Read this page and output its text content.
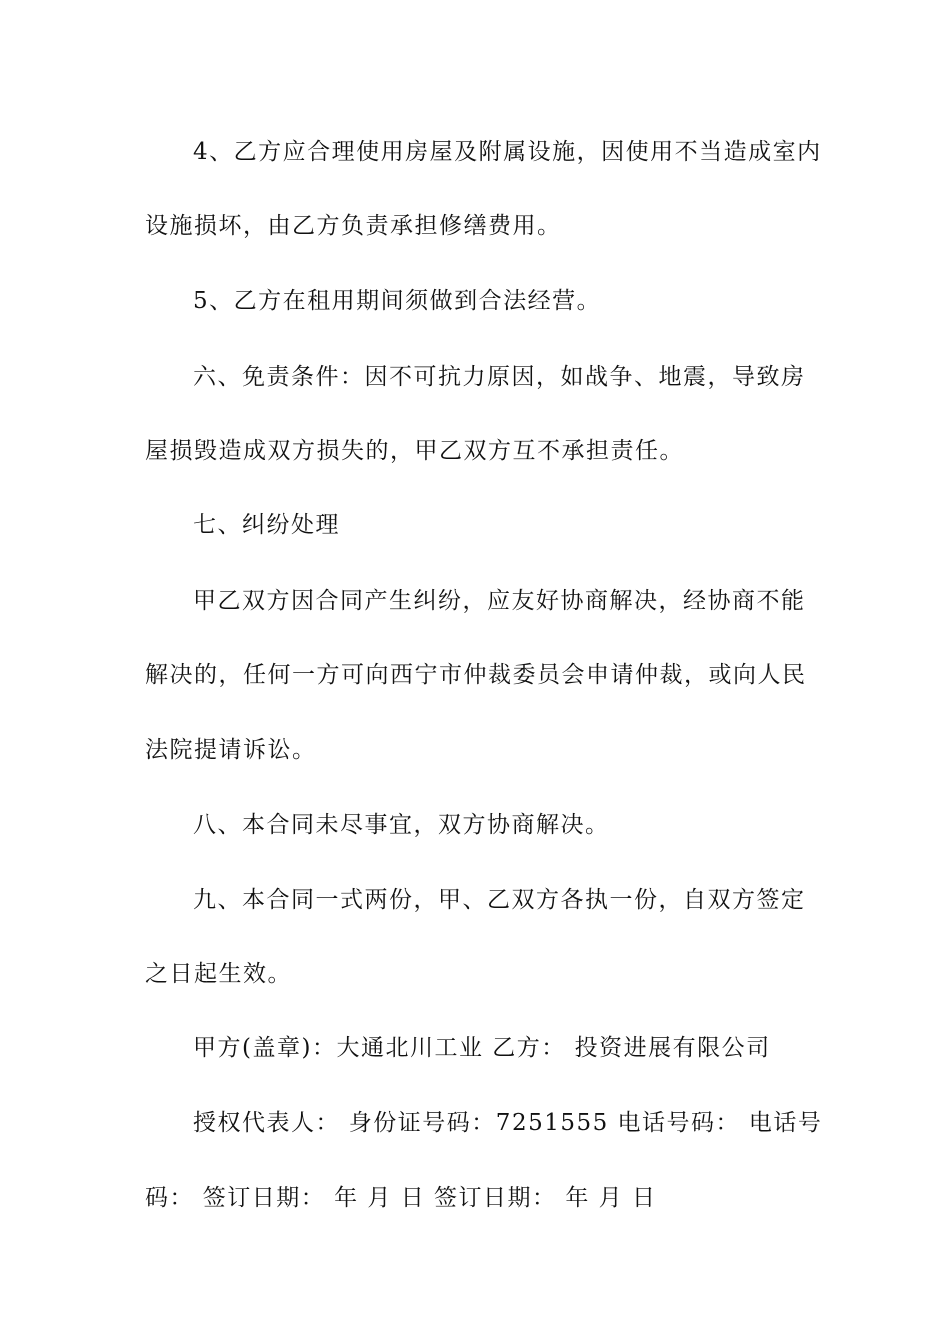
4、乙方应合理使用房屋及附属设施，因使用不当造成室内

设施损坏，由乙方负责承担修缮费用。

5、乙方在租用期间须做到合法经营。

六、免责条件：因不可抗力原因，如战争、地震，导致房

屋损毁造成双方损失的，甲乙双方互不承担责任。

七、纠纷处理

甲乙双方因合同产生纠纷，应友好协商解决，经协商不能

解决的，任何一方可向西宁市仲裁委员会申请仲裁，或向人民

法院提请诉讼。

八、本合同未尽事宜，双方协商解决。

九、本合同一式两份，甲、乙双方各执一份，自双方签定

之日起生效。

甲方(盖章)：大通北川工业 乙方： 投资进展有限公司

授权代表人： 身份证号码：7251555 电话号码： 电话号

码： 签订日期： 年 月 日 签订日期： 年 月 日
